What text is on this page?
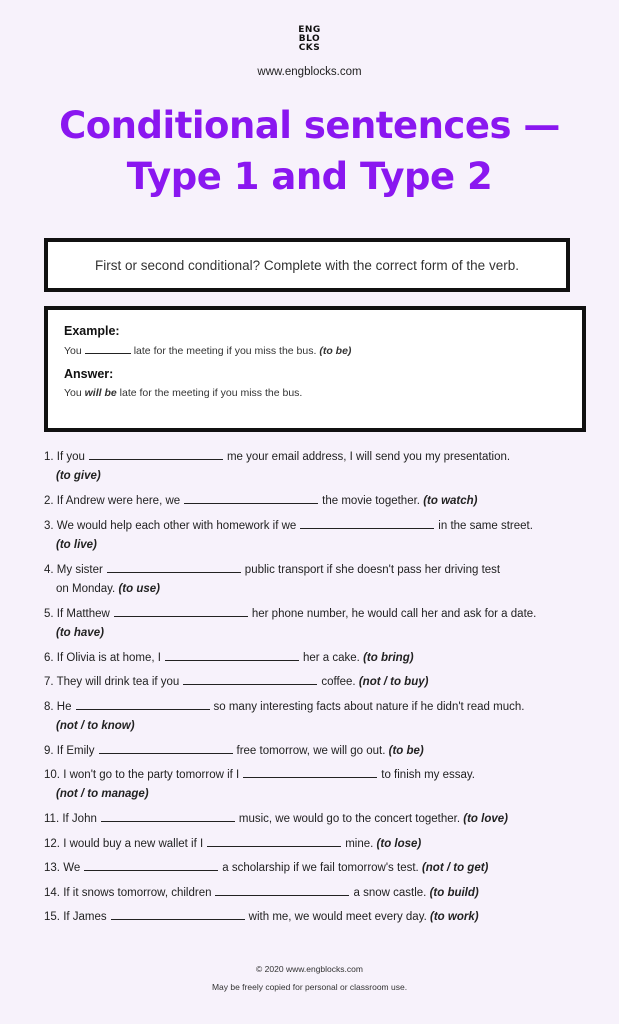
ENG
BLO
CKS
www.engblocks.com
Conditional sentences —
Type 1 and Type 2
First or second conditional? Complete with the correct form of the verb.

Example:

You	late for the meeting if you miss the bus. (to be)

Answer:

You will be late for the meeting if you miss the bus.

1. If you	me your email address, I will send you my presentation.
(to give)
2. If Andrew were here, we	the movie together. (to watch)
3. We would help each other with homework if we	in the same street.
(to live)
4. My sister	public transport if she doesn't pass her driving test
on Monday. (to use)
5. If Matthew	her phone number, he would call her and ask for a date.
(to have)
6. If Olivia is at home, I	her a cake. (to bring)
7. They will drink tea if you	coffee. (not / to buy)
8. He	so many interesting facts about nature if he didn't read much.
(not / to know)
9. If Emily	free tomorrow, we will go out. (to be)
10. I won't go to the party tomorrow if I	to finish my essay.
(not / to manage)
11. If John	music, we would go to the concert together. (to love)
12. I would buy a new wallet if I	mine. (to lose)
13. We	a scholarship if we fail tomorrow's test. (not / to get)
14. If it snows tomorrow, children	a snow castle. (to build)
15. If James	with me, we would meet every day. (to work)
© 2020 www.engblocks.com
May be freely copied for personal or classroom use.
